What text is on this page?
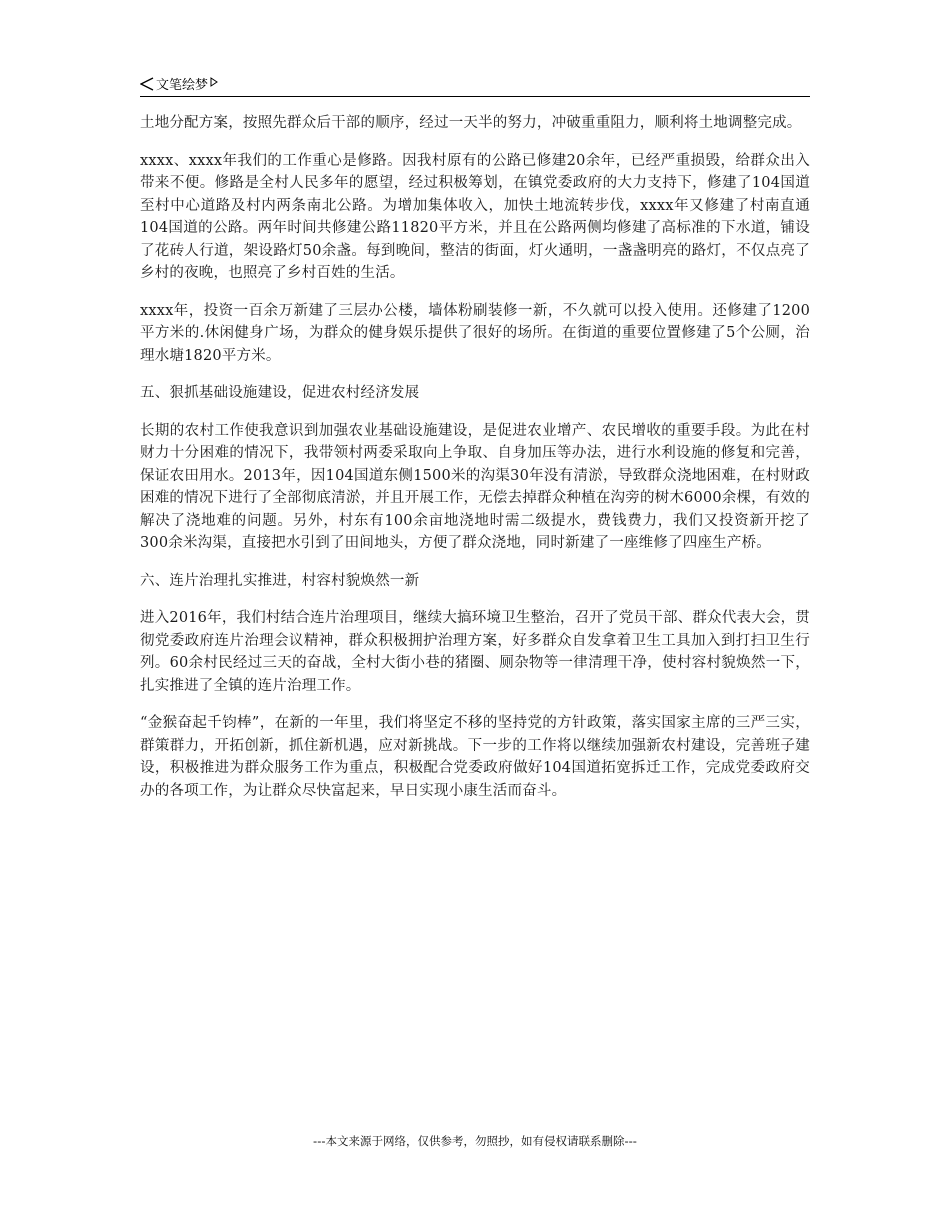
文笔绘梦

土地分配方案，按照先群众后干部的顺序，经过一天半的努力，冲破重重阻力，顺利将土地调整完成。

xxxx、xxxx年我们的工作重心是修路。因我村原有的公路已修建20余年，已经严重损毁，给群众出入带来不便。修路是全村人民多年的愿望，经过积极筹划，在镇党委政府的大力支持下，修建了104国道至村中心道路及村内两条南北公路。为增加集体收入，加快土地流转步伐，xxxx年又修建了村南直通104国道的公路。两年时间共修建公路11820平方米，并且在公路两侧均修建了高标准的下水道，铺设了花砖人行道，架设路灯50余盏。每到晚间，整洁的街面，灯火通明，一盏盏明亮的路灯，不仅点亮了乡村的夜晚，也照亮了乡村百姓的生活。

xxxx年，投资一百余万新建了三层办公楼，墙体粉刷装修一新，不久就可以投入使用。还修建了1200平方米的.休闲健身广场，为群众的健身娱乐提供了很好的场所。在街道的重要位置修建了5个公厕，治理水塘1820平方米。

五、狠抓基础设施建设，促进农村经济发展

长期的农村工作使我意识到加强农业基础设施建设，是促进农业增产、农民增收的重要手段。为此在村财力十分困难的情况下，我带领村两委采取向上争取、自身加压等办法，进行水利设施的修复和完善，保证农田用水。2013年，因104国道东侧1500米的沟渠30年没有清淤，导致群众浇地困难，在村财政困难的情况下进行了全部彻底清淤，并且开展工作，无偿去掉群众种植在沟旁的树木6000余棵，有效的解决了浇地难的问题。另外，村东有100余亩地浇地时需二级提水，费钱费力，我们又投资新开挖了300余米沟渠，直接把水引到了田间地头，方便了群众浇地，同时新建了一座维修了四座生产桥。

六、连片治理扎实推进，村容村貌焕然一新

进入2016年，我们村结合连片治理项目，继续大搞环境卫生整治，召开了党员干部、群众代表大会，贯彻党委政府连片治理会议精神，群众积极拥护治理方案，好多群众自发拿着卫生工具加入到打扫卫生行列。60余村民经过三天的奋战，全村大街小巷的猪圈、厕杂物等一律清理干净，使村容村貌焕然一下，扎实推进了全镇的连片治理工作。

“金猴奋起千钧棒”，在新的一年里，我们将坚定不移的坚持党的方针政策，落实国家主席的三严三实，群策群力，开拓创新，抓住新机遇，应对新挑战。下一步的工作将以继续加强新农村建设，完善班子建设，积极推进为群众服务工作为重点，积极配合党委政府做好104国道拓宽拆迁工作，完成党委政府交办的各项工作，为让群众尽快富起来，早日实现小康生活而奋斗。

---本文来源于网络，仅供参考，勿照抄，如有侵权请联系删除---
